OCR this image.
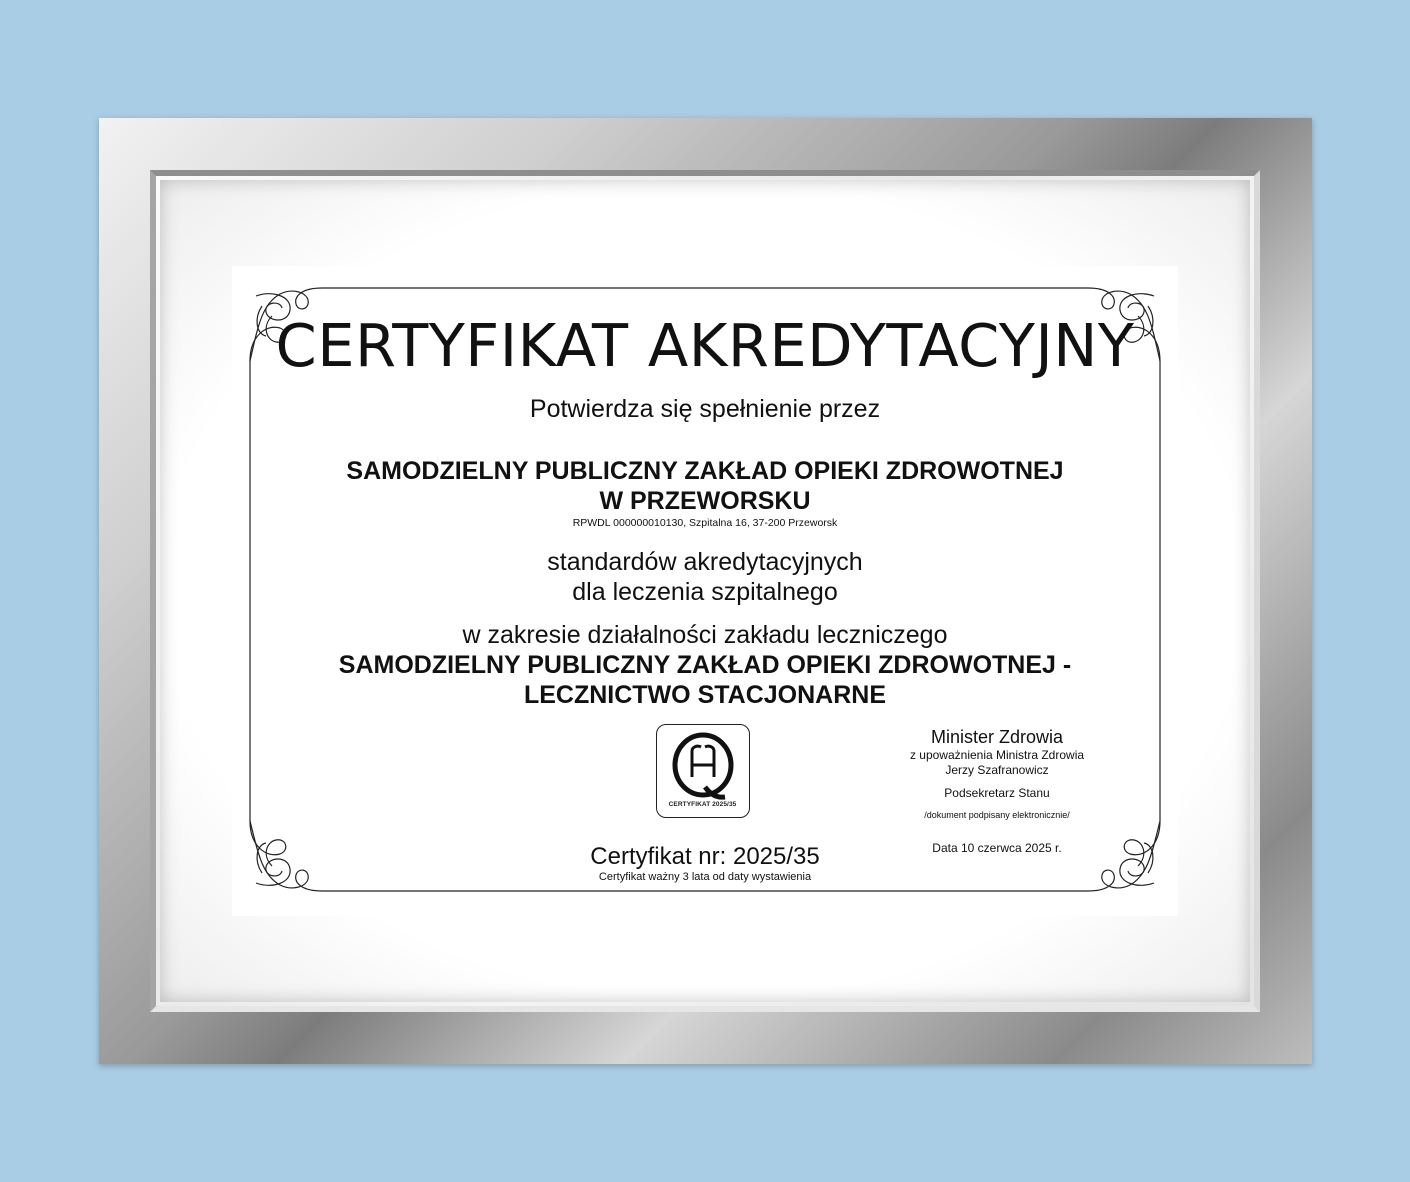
CERTYFIKAT AKREDYTACYJNY

Potwierdza się spełnienie przez

SAMODZIELNY PUBLICZNY ZAKŁAD OPIEKI ZDROWOTNEJ
W PRZEWORSKU

RPWDL 000000010130, Szpitalna 16, 37-200 Przeworsk

standardów akredytacyjnych
dla leczenia szpitalnego

w zakresie działalności zakładu leczniczego

SAMODZIELNY PUBLICZNY ZAKŁAD OPIEKI ZDROWOTNEJ -
LECZNICTWO STACJONARNE
CERTYFIKAT 2025/35
Minister Zdrowia
z upoważnienia Ministra Zdrowia
Jerzy Szafranowicz
Podsekretarz Stanu
/dokument podpisany elektronicznie/
Data 10 czerwca 2025 r.
Certyfikat nr: 2025/35
Certyfikat ważny 3 lata od daty wystawienia
